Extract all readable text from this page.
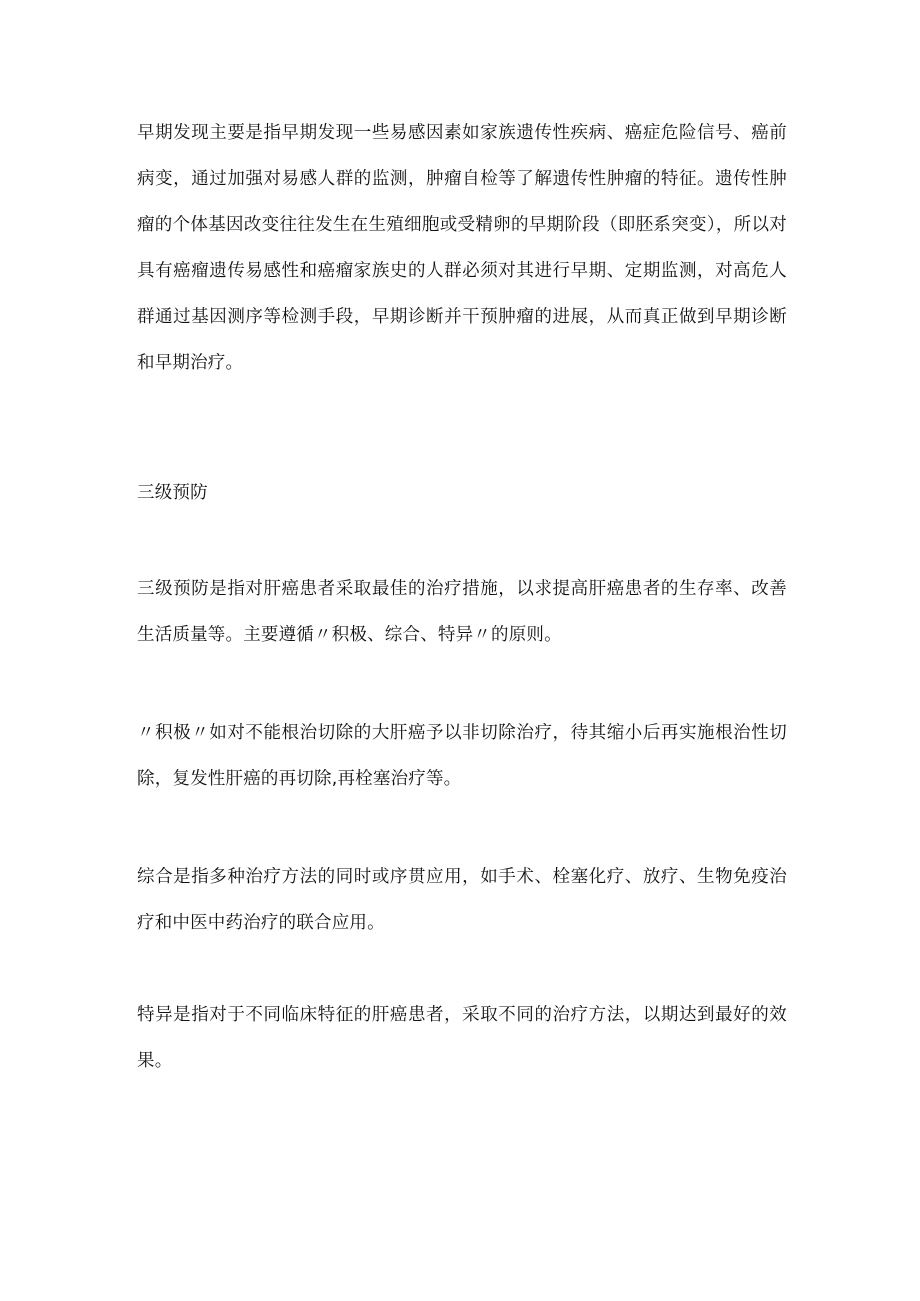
早期发现主要是指早期发现一些易感因素如家族遗传性疾病、癌症危险信号、癌前病变，通过加强对易感人群的监测，肿瘤自检等了解遗传性肿瘤的特征。遗传性肿瘤的个体基因改变往往发生在生殖细胞或受精卵的早期阶段（即胚系突变），所以对具有癌瘤遗传易感性和癌瘤家族史的人群必须对其进行早期、定期监测，对高危人群通过基因测序等检测手段，早期诊断并干预肿瘤的进展，从而真正做到早期诊断和早期治疗。

三级预防

三级预防是指对肝癌患者采取最佳的治疗措施，以求提高肝癌患者的生存率、改善生活质量等。主要遵循〃积极、综合、特异〃的原则。

〃积极〃如对不能根治切除的大肝癌予以非切除治疗，待其缩小后再实施根治性切除，复发性肝癌的再切除,再栓塞治疗等。

综合是指多种治疗方法的同时或序贯应用，如手术、栓塞化疗、放疗、生物免疫治疗和中医中药治疗的联合应用。

特异是指对于不同临床特征的肝癌患者，采取不同的治疗方法，以期达到最好的效果。
